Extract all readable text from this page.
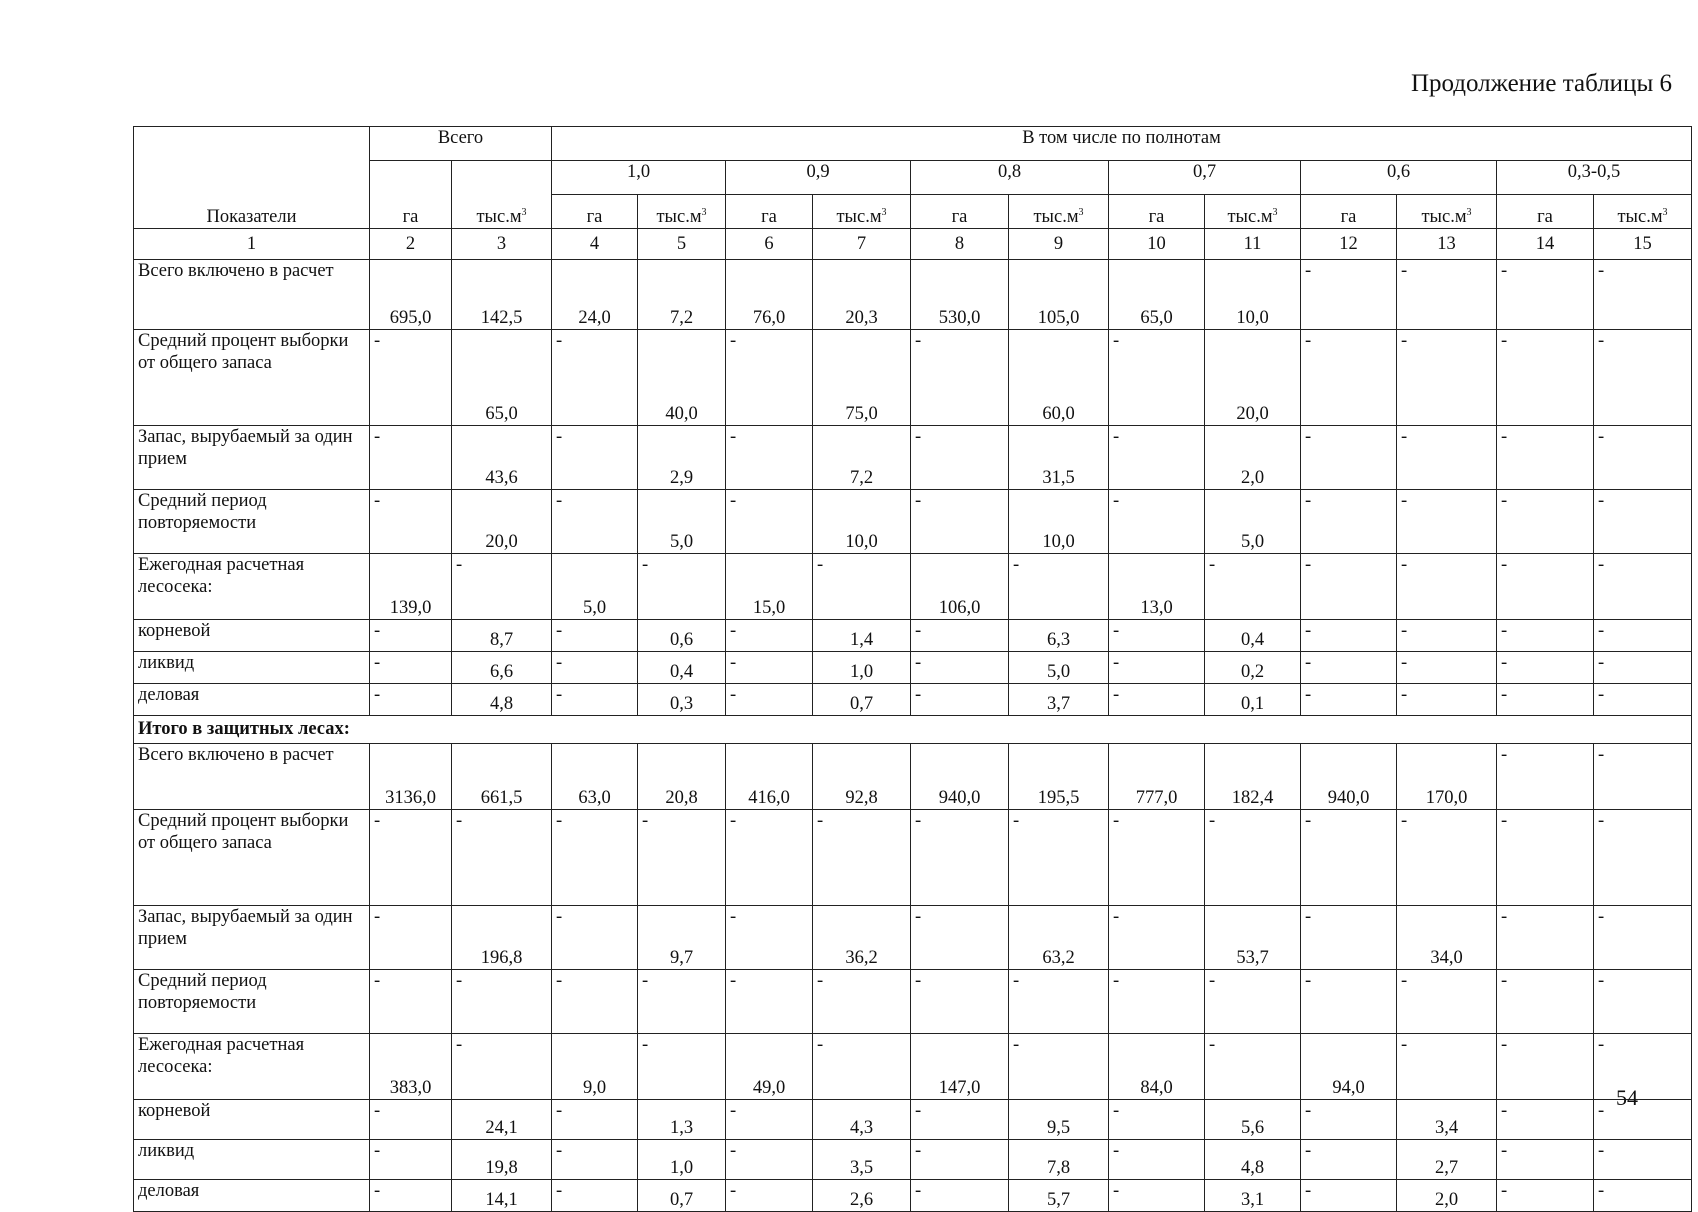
Продолжение таблицы 6
Показатели	Всего		В том числе по полнотам											
	га	$тыс.м^3$	1,0		0,9		0,8		0,7		0,6		0,3-0,5	
			га	$тыс.м^3$	га	$тыс.м^3$	га	$тыс.м^3$	га	$тыс.м^3$	га	$тыс.м^3$	га	$тыс.м^3$
1	2	3	4	5	6	7	8	9	10	11	12	13	14	15
Всего включено в расчет	695,0	142,5	24,0	7,2	76,0	20,3	530,0	105,0	65,0	10,0	-	-	-	-
Средний процент выборки от общего запаса	-	65,0	-	40,0	-	75,0	-	60,0	-	20,0	-	-	-	-
Запас, вырубаемый за один прием	-	43,6	-	2,9	-	7,2	-	31,5	-	2,0	-	-	-	-
Средний период повторяемости	-	20,0	-	5,0	-	10,0	-	10,0	-	5,0	-	-	-	-
Ежегодная расчетная лесосека:	139,0	-	5,0	-	15,0	-	106,0	-	13,0	-	-	-	-	-
корневой	-	8,7	-	0,6	-	1,4	-	6,3	-	0,4	-	-	-	-
ликвид	-	6,6	-	0,4	-	1,0	-	5,0	-	0,2	-	-	-	-
деловая	-	4,8	-	0,3	-	0,7	-	3,7	-	0,1	-	-	-	-
Итого в защитных лесах:														
Всего включено в расчет	3136,0	661,5	63,0	20,8	416,0	92,8	940,0	195,5	777,0	182,4	940,0	170,0	-	-
Средний процент выборки от общего запаса	-	-	-	-	-	-	-	-	-	-	-	-	-	-
Запас, вырубаемый за один прием	-	196,8	-	9,7	-	36,2	-	63,2	-	53,7	-	34,0	-	-
Средний период повторяемости	-	-	-	-	-	-	-	-	-	-	-	-	-	-
Ежегодная расчетная лесосека:	383,0	-	9,0	-	49,0	-	147,0	-	84,0	-	94,0	-	-	-
корневой	-	24,1	-	1,3	-	4,3	-	9,5	-	5,6	-	3,4	-	-
ликвид	-	19,8	-	1,0	-	3,5	-	7,8	-	4,8	-	2,7	-	-
деловая	-	14,1	-	0,7	-	2,6	-	5,7	-	3,1	-	2,0	-	-
54
